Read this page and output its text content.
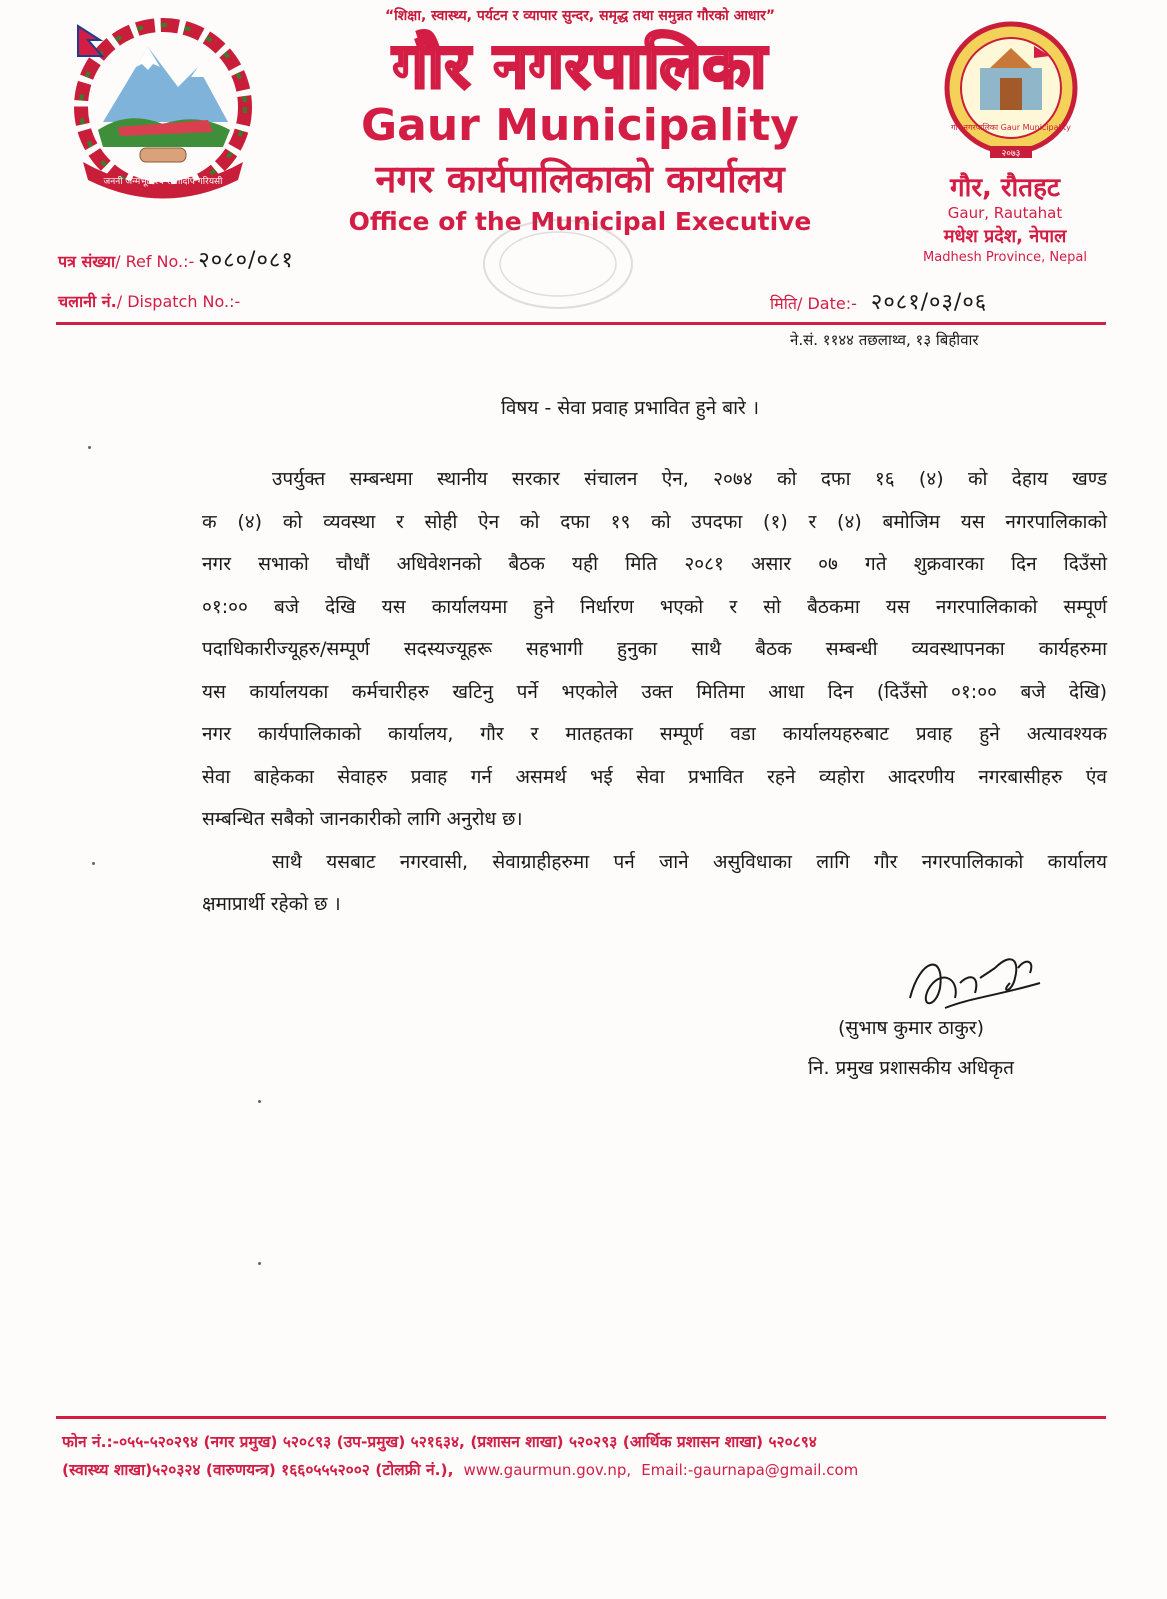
जननी जन्मभूमिश्च स्वर्गादपि गरियसी
२०७३
गौर नगरपालिका Gaur Municipality
“शिक्षा, स्वास्थ्य, पर्यटन र व्यापार सुन्दर, समृद्ध तथा समुन्नत गौरको आधार”
गौर नगरपालिका
Gaur Municipality
नगर कार्यपालिकाको कार्यालय
Office of the Municipal Executive
गौर, रौतहट
Gaur, Rautahat
मधेश प्रदेश, नेपाल
Madhesh Province, Nepal
पत्र संख्या/ Ref No.:- २०८०/०८१
चलानी नं./ Dispatch No.:-	मिति/ Date:- २०८१/०३/०६
ने.सं. ११४४ तछलाथ्व, १३ बिहीवार
विषय - सेवा प्रवाह प्रभावित हुने बारे ।
उपर्युक्त सम्बन्धमा स्थानीय सरकार संचालन ऐन, २०७४ को दफा १६ (४) को देहाय खण्ड
क (४) को व्यवस्था र सोही ऐन को दफा १९ को उपदफा (१) र (४) बमोजिम यस नगरपालिकाको
नगर सभाको चौधौं अधिवेशनको बैठक यही मिति २०८१ असार ०७ गते शुक्रवारका दिन दिउँसो
०१:०० बजे देखि यस कार्यालयमा हुने निर्धारण भएको र सो बैठकमा यस नगरपालिकाको सम्पूर्ण
पदाधिकारीज्यूहरु/सम्पूर्ण सदस्यज्यूहरू सहभागी हुनुका साथै बैठक सम्बन्धी व्यवस्थापनका कार्यहरुमा
यस कार्यालयका कर्मचारीहरु खटिनु पर्ने भएकोले उक्त मितिमा आधा दिन (दिउँसो ०१:०० बजे देखि)
नगर कार्यपालिकाको कार्यालय, गौर र मातहतका सम्पूर्ण वडा कार्यालयहरुबाट प्रवाह हुने अत्यावश्यक
सेवा बाहेकका सेवाहरु प्रवाह गर्न असमर्थ भई सेवा प्रभावित रहने व्यहोरा आदरणीय नगरबासीहरु एंव
सम्बन्धित सबैको जानकारीको लागि अनुरोध छ।
साथै यसबाट नगरवासी, सेवाग्राहीहरुमा पर्न जाने असुविधाका लागि गौर नगरपालिकाको कार्यालय
क्षमाप्रार्थी रहेको छ ।
(सुभाष कुमार ठाकुर)
नि. प्रमुख प्रशासकीय अधिकृत
फोन नं.:-०५५-५२०२९४ (नगर प्रमुख) ५२०८९३ (उप-प्रमुख) ५२१६३४, (प्रशासन शाखा) ५२०२९३ (आर्थिक प्रशासन शाखा) ५२०८९४
(स्वास्थ्य शाखा)५२०३२४ (वारुणयन्त्र) १६६०५५५२००२ (टोलफ्री नं.), www.gaurmun.gov.np, Email:-gaurnapa@gmail.com
